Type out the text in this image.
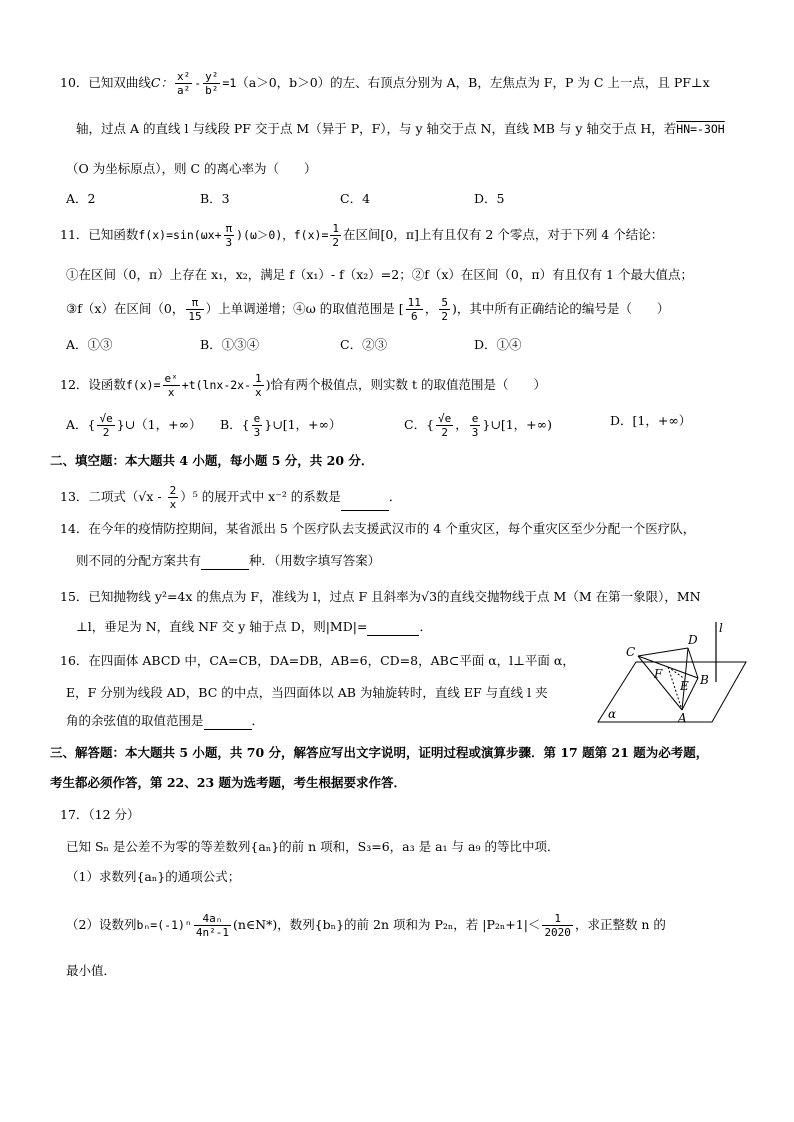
10．已知双曲线C： $\frac{\text{x²}}{\text{a²}} - \frac{\text{y²}}{\text{b²}} =1(a>0$，b＞0）的左、右顶点分别为 A，B，左焦点为 F，P 为 C 上一点，且 PF⊥x
轴，过点 A 的直线 l 与线段 PF 交于点 M（异于 P，F），与 y 轴交于点 N，直线 MB 与 y 轴交于点 H，若HN=-3OH
（O 为坐标原点），则 C 的离心率为（　　）
A．2	B．3	C．4	D．5
11．已知函数$f(x)=\sin(\omega x+ \frac{\pi}{3} )(\omega>0)$，$f(x)= \frac{1}{2}$ 在区间[0，π]上有且仅有 2 个零点，对于下列 4 个结论：
①在区间（0，π）上存在 x₁，x₂，满足 f（x₁）- f（x₂）=2；②f（x）在区间（0，π）有且仅有 1 个最大值点；
③f（x）在区间（0， $\frac{\pi}{15}$ ）上单调递增；④ω 的取值范围是 [ $\frac{11}{6}$ ， $\frac{5}{2}$ )，其中所有正确结论的编号是（　　）
A．①③	B．①③④	C．②③	D．①④
12．设函数$f(x)= \frac{\text{eˣ}}{x} +t(\ln x-2x- \frac{1}{x}$ )恰有两个极值点，则实数 t 的取值范围是（　　）
A．{ $\frac{√e}{2}$ }∪（1，+∞） B．{ $\frac{e}{3}$ }∪[1，+∞）	C．{ $\frac{√e}{2}$ ， $\frac{e}{3}$ }∪[1，+∞)	D．[1，+∞）
二、填空题：本大题共 4 小题，每小题 5 分，共 20 分．
13．二项式$(√x - \frac{2}{x} )^5$ 的展开式中 x⁻² 的系数是	．
14．在今年的疫情防控期间，某省派出 5 个医疗队去支援武汉市的 4 个重灾区，每个重灾区至少分配一个医疗队，
则不同的分配方案共有	种．（用数字填写答案）
15．已知抛物线 y²=4x 的焦点为 F，准线为 l，过点 F 且斜率为√3的直线交抛物线于点 M（M 在第一象限），MN
⊥l，垂足为 N，直线 NF 交 y 轴于点 D，则|MD|=	．
16．在四面体 ABCD 中，CA=CB，DA=DB，AB=6，CD=8，AB⊂平面 α，l⊥平面 α，
E，F 分别为线段 AD，BC 的中点，当四面体以 AB 为轴旋转时，直线 EF 与直线 l 夹
角的余弦值的取值范围是	．
C
D
l
F
E B
A
α
三、解答题：本大题共 5 小题，共 70 分，解答应写出文字说明，证明过程或演算步骤．第 17 题第 21 题为必考题，
考生都必须作答，第 22、23 题为选考题，考生根据要求作答．
17．（12 分）
已知 Sₙ 是公差不为零的等差数列{aₙ}的前 n 项和，S₃=6，a₃ 是 a₁ 与 a₉ 的等比中项．
（1）求数列{aₙ}的通项公式；
（2）设数列$b_n=(-1)^n \frac{\text{4aₙ}}{\text{4n²-1}}$ (n∈N*)，数列{bₙ}的前 2n 项和为 P₂ₙ，若 $|P_{2n}+1|< \frac{1}{2020}$ ，求正整数 n 的
最小值．
